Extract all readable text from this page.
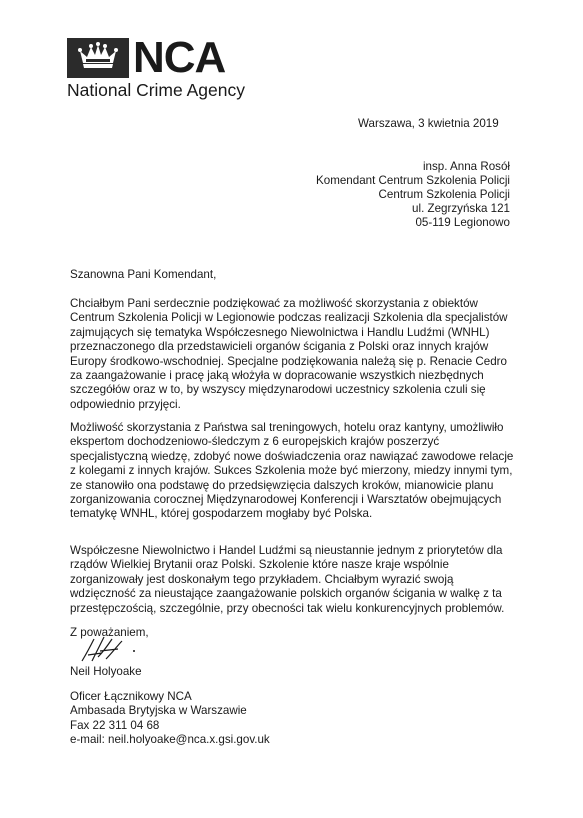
NCA
National Crime Agency
Warszawa, 3 kwietnia 2019
insp. Anna Rosół
Komendant Centrum Szkolenia Policji
Centrum Szkolenia Policji
ul. Zegrzyńska 121
05-119 Legionowo
Szanowna Pani Komendant,
Chciałbym Pani serdecznie podziękować za możliwość skorzystania z obiektów Centrum Szkolenia Policji w Legionowie podczas realizacji Szkolenia dla specjalistów zajmujących się tematyka Współczesnego Niewolnictwa i Handlu Ludźmi (WNHL) przeznaczonego dla przedstawicieli organów ścigania z Polski oraz innych krajów Europy środkowo-wschodniej. Specjalne podziękowania należą się p. Renacie Cedro za zaangażowanie i pracę jaką włożyła w dopracowanie wszystkich niezbędnych szczegółów oraz w to, by wszyscy międzynarodowi uczestnicy szkolenia czuli się odpowiednio przyjęci.
Możliwość skorzystania z Państwa sal treningowych, hotelu oraz kantyny, umożliwiło ekspertom dochodzeniowo-śledczym z 6 europejskich krajów poszerzyć specjalistyczną wiedzę, zdobyć nowe doświadczenia oraz nawiązać zawodowe relacje z kolegami z innych krajów. Sukces Szkolenia może być mierzony, miedzy innymi tym, ze stanowiło ona podstawę do przedsięwzięcia dalszych kroków, mianowicie planu zorganizowania corocznej Międzynarodowej Konferencji i Warsztatów obejmujących tematykę WNHL, której gospodarzem mogłaby być Polska.
Współczesne Niewolnictwo i Handel Ludźmi są nieustannie jednym z priorytetów dla rządów Wielkiej Brytanii oraz Polski. Szkolenie które nasze kraje wspólnie zorganizowały jest doskonałym tego przykładem. Chciałbym wyrazić swoją wdzięczność za nieustające zaangażowanie polskich organów ścigania w walkę z ta przestępczością, szczególnie, przy obecności tak wielu konkurencyjnych problemów.
Z poważaniem,
Neil Holyoake
Oficer Łącznikowy NCA
Ambasada Brytyjska w Warszawie
Fax 22 311 04 68
e-mail: neil.holyoake@nca.x.gsi.gov.uk
